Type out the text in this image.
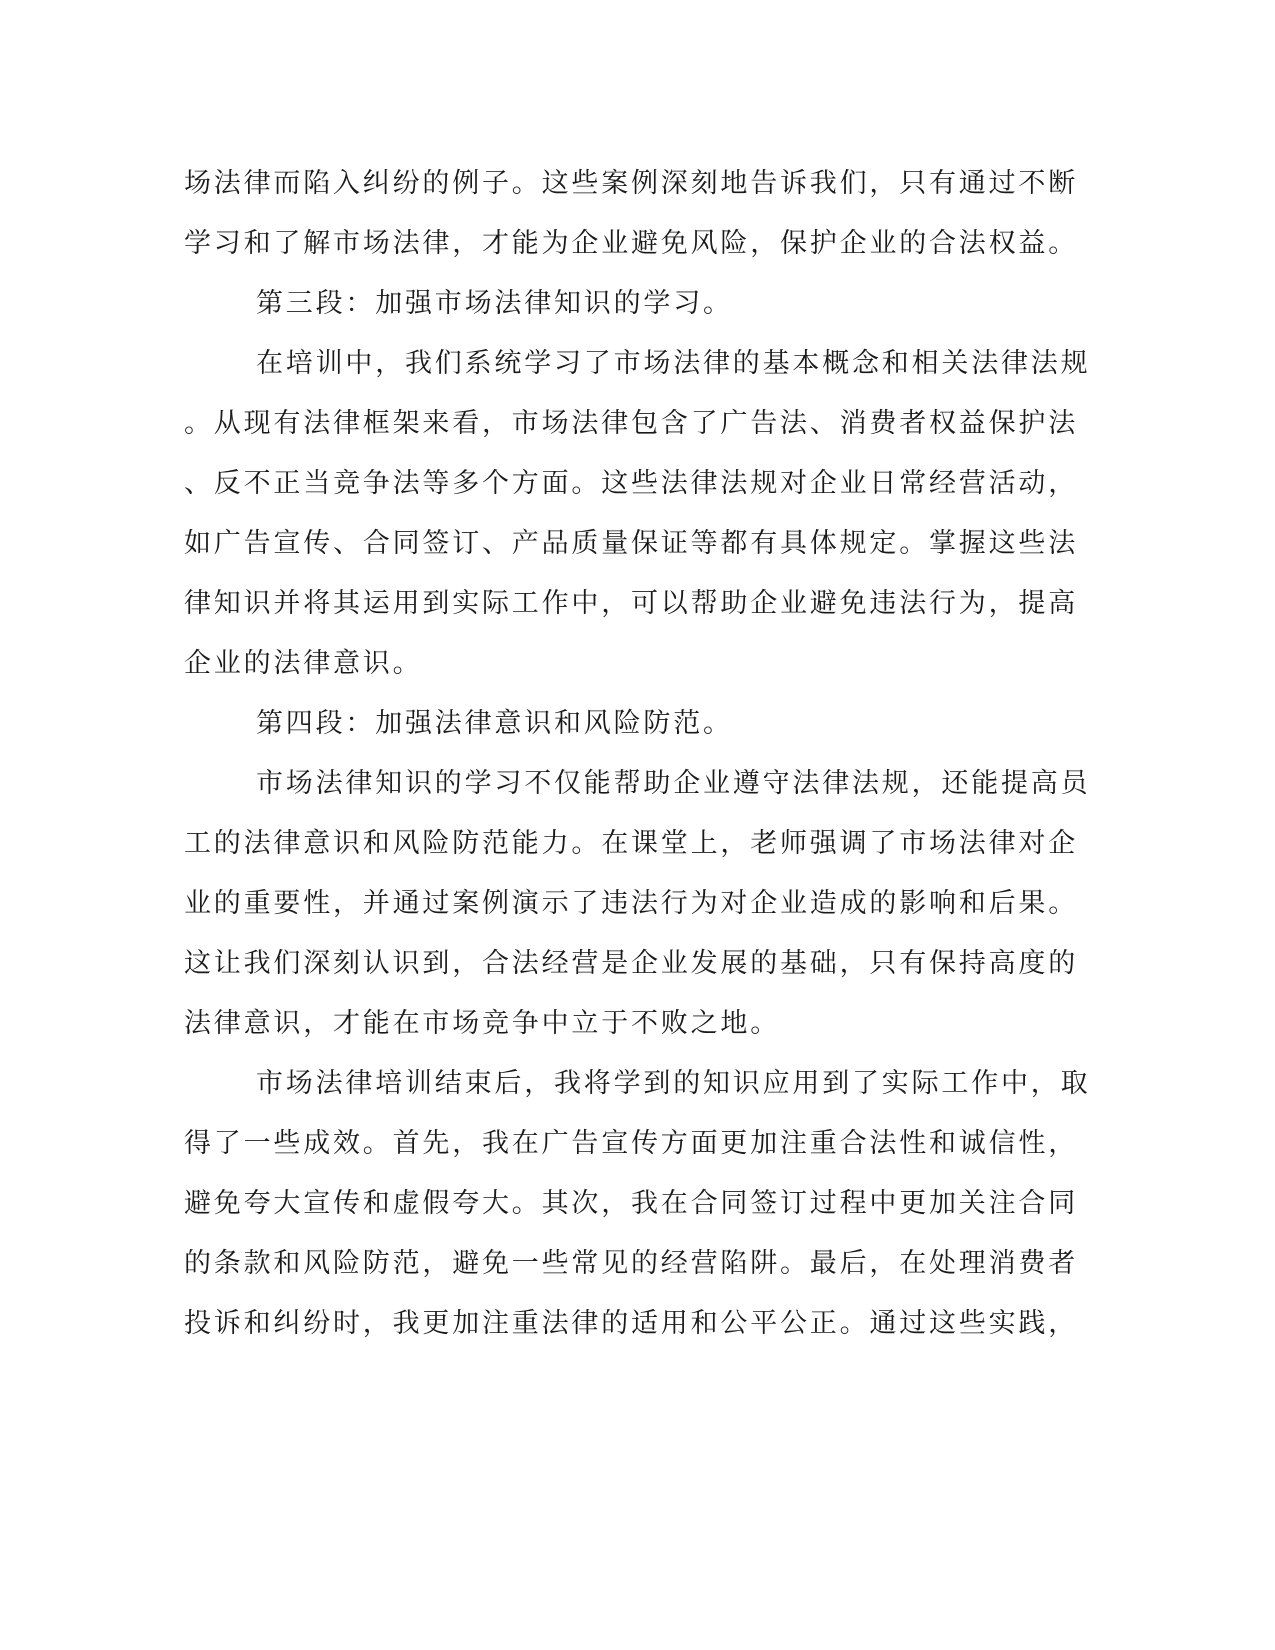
场法律而陷入纠纷的例子。这些案例深刻地告诉我们，只有通过不断
学习和了解市场法律，才能为企业避免风险，保护企业的合法权益。
第三段：加强市场法律知识的学习。
在培训中，我们系统学习了市场法律的基本概念和相关法律法规
。从现有法律框架来看，市场法律包含了广告法、消费者权益保护法
、反不正当竞争法等多个方面。这些法律法规对企业日常经营活动，
如广告宣传、合同签订、产品质量保证等都有具体规定。掌握这些法
律知识并将其运用到实际工作中，可以帮助企业避免违法行为，提高
企业的法律意识。
第四段：加强法律意识和风险防范。
市场法律知识的学习不仅能帮助企业遵守法律法规，还能提高员
工的法律意识和风险防范能力。在课堂上，老师强调了市场法律对企
业的重要性，并通过案例演示了违法行为对企业造成的影响和后果。
这让我们深刻认识到，合法经营是企业发展的基础，只有保持高度的
法律意识，才能在市场竞争中立于不败之地。
市场法律培训结束后，我将学到的知识应用到了实际工作中，取
得了一些成效。首先，我在广告宣传方面更加注重合法性和诚信性，
避免夸大宣传和虚假夸大。其次，我在合同签订过程中更加关注合同
的条款和风险防范，避免一些常见的经营陷阱。最后，在处理消费者
投诉和纠纷时，我更加注重法律的适用和公平公正。通过这些实践，
